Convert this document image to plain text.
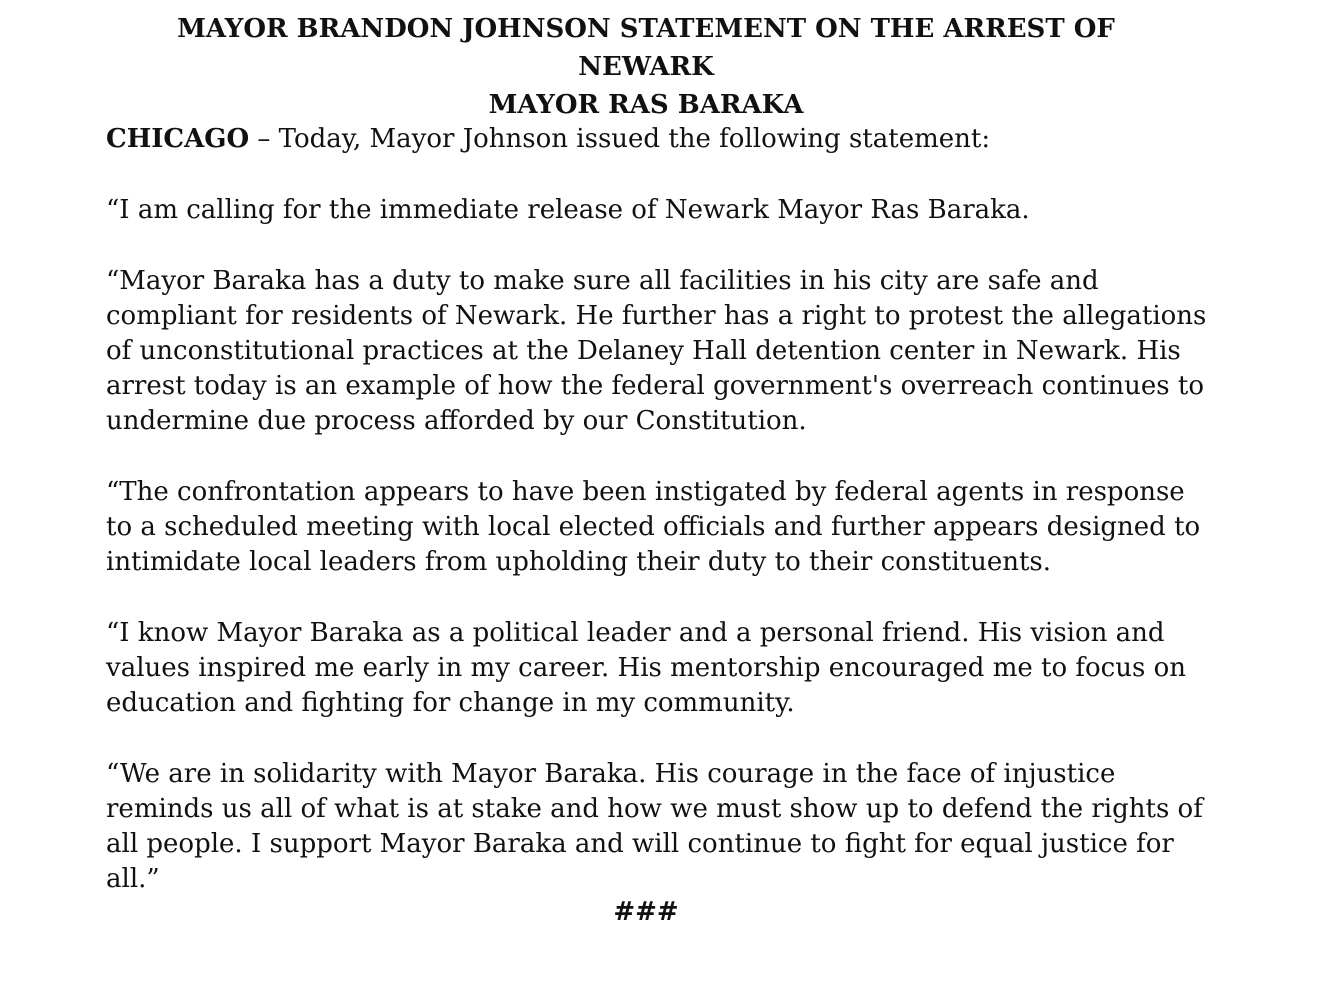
MAYOR BRANDON JOHNSON STATEMENT ON THE ARREST OF NEWARK
MAYOR RAS BARAKA

CHICAGO – Today, Mayor Johnson issued the following statement:

“I am calling for the immediate release of Newark Mayor Ras Baraka.

“Mayor Baraka has a duty to make sure all facilities in his city are safe and compliant for residents of Newark. He further has a right to protest the allegations of unconstitutional practices at the Delaney Hall detention center in Newark. His arrest today is an example of how the federal government's overreach continues to undermine due process afforded by our Constitution.

“The confrontation appears to have been instigated by federal agents in response to a scheduled meeting with local elected officials and further appears designed to intimidate local leaders from upholding their duty to their constituents.

“I know Mayor Baraka as a political leader and a personal friend. His vision and values inspired me early in my career. His mentorship encouraged me to focus on education and fighting for change in my community.

“We are in solidarity with Mayor Baraka. His courage in the face of injustice reminds us all of what is at stake and how we must show up to defend the rights of all people. I support Mayor Baraka and will continue to fight for equal justice for all.”

###
